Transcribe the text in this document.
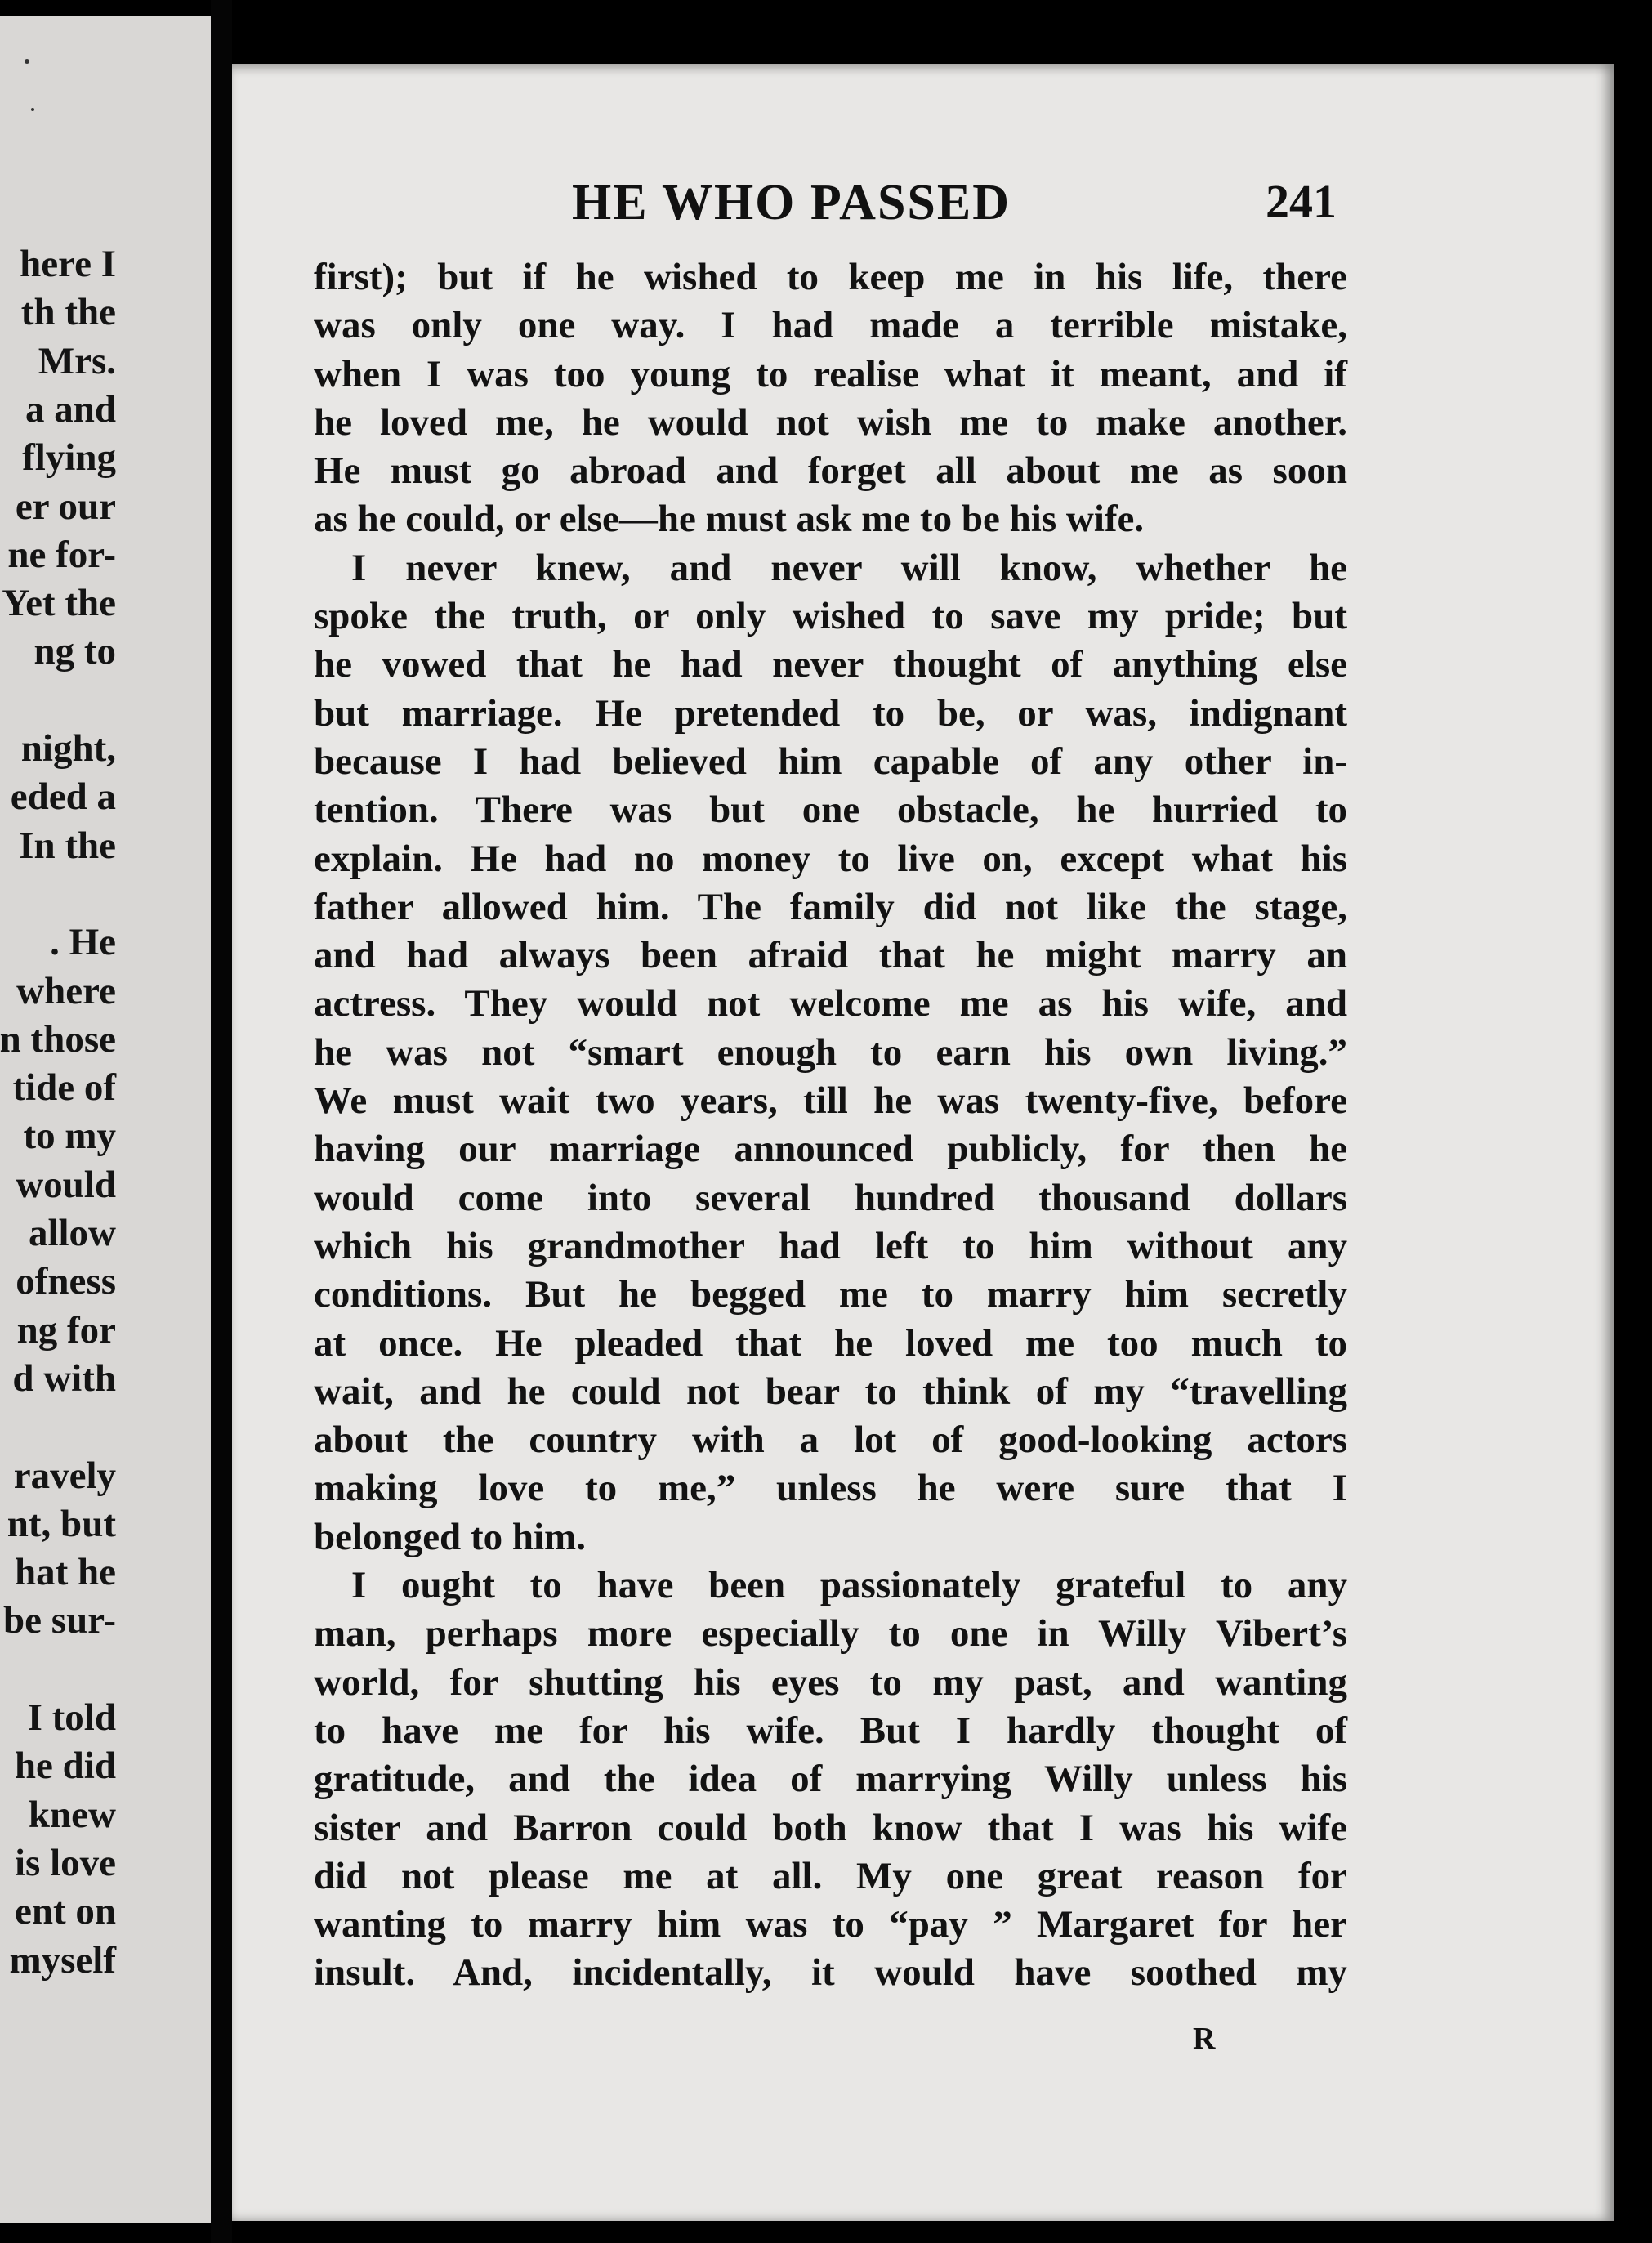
here I
th the
Mrs.
a and
flying
er our
ne for-
Yet the
ng to
night,
eded a
In the
. He
where
n those
tide of
to my
would
allow
ofness
ng for
d with
ravely
nt, but
hat he
be sur-
I told
he did
knew
is love
ent on
myself
HE WHO PASSED	241
first); but if he wished to keep me in his life, there
was only one way. I had made a terrible mistake,
when I was too young to realise what it meant, and if
he loved me, he would not wish me to make another.
He must go abroad and forget all about me as soon
as he could, or else—he must ask me to be his wife.
I never knew, and never will know, whether he
spoke the truth, or only wished to save my pride; but
he vowed that he had never thought of anything else
but marriage. He pretended to be, or was, indignant
because I had believed him capable of any other in-
tention. There was but one obstacle, he hurried to
explain. He had no money to live on, except what his
father allowed him. The family did not like the stage,
and had always been afraid that he might marry an
actress. They would not welcome me as his wife, and
he was not “smart enough to earn his own living.”
We must wait two years, till he was twenty-five, before
having our marriage announced publicly, for then he
would come into several hundred thousand dollars
which his grandmother had left to him without any
conditions. But he begged me to marry him secretly
at once. He pleaded that he loved me too much to
wait, and he could not bear to think of my “travelling
about the country with a lot of good-looking actors
making love to me,” unless he were sure that I
belonged to him.
I ought to have been passionately grateful to any
man, perhaps more especially to one in Willy Vibert’s
world, for shutting his eyes to my past, and wanting
to have me for his wife. But I hardly thought of
gratitude, and the idea of marrying Willy unless his
sister and Barron could both know that I was his wife
did not please me at all. My one great reason for
wanting to marry him was to “pay ” Margaret for her
insult. And, incidentally, it would have soothed my
R
